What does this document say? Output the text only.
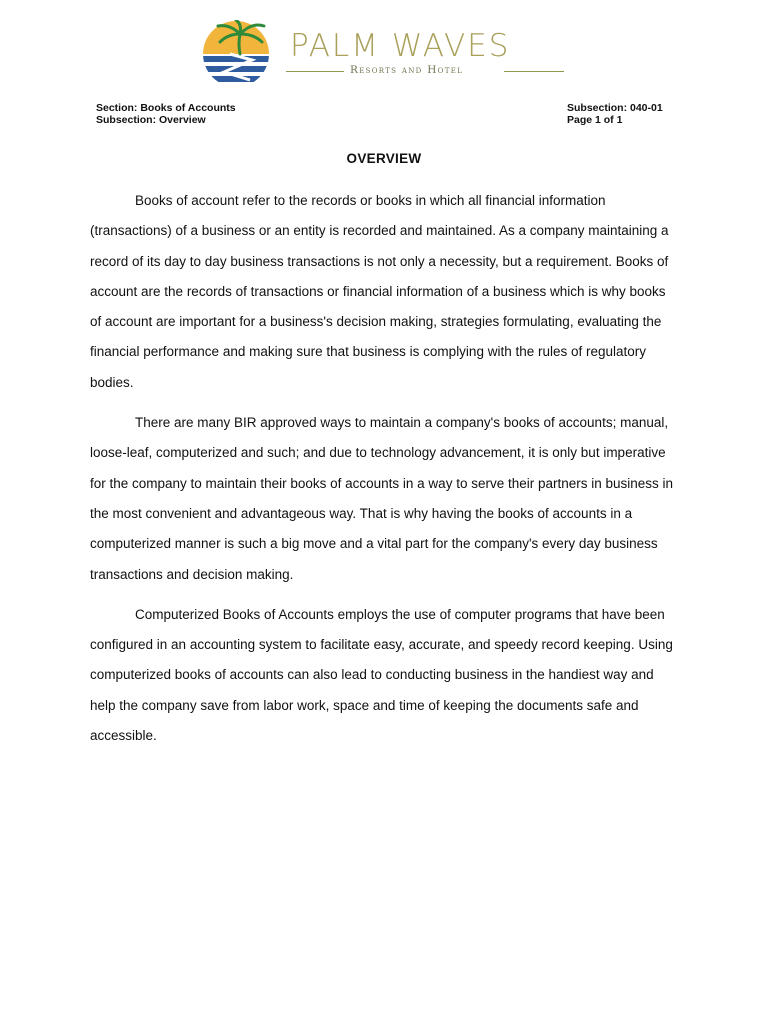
PALM WAVES
Resorts and Hotel
Section: Books of Accounts
Subsection: Overview
Subsection: 040-01
Page 1 of 1
OVERVIEW

Books of account refer to the records or books in which all financial information (transactions) of a business or an entity is recorded and maintained. As a company maintaining a record of its day to day business transactions is not only a necessity, but a requirement. Books of account are the records of transactions or financial information of a business which is why books of account are important for a business's decision making, strategies formulating, evaluating the financial performance and making sure that business is complying with the rules of regulatory bodies.

There are many BIR approved ways to maintain a company's books of accounts; manual, loose-leaf, computerized and such; and due to technology advancement, it is only but imperative for the company to maintain their books of accounts in a way to serve their partners in business in the most convenient and advantageous way. That is why having the books of accounts in a computerized manner is such a big move and a vital part for the company's every day business transactions and decision making.

Computerized Books of Accounts employs the use of computer programs that have been configured in an accounting system to facilitate easy, accurate, and speedy record keeping. Using computerized books of accounts can also lead to conducting business in the handiest way and help the company save from labor work, space and time of keeping the documents safe and accessible.
